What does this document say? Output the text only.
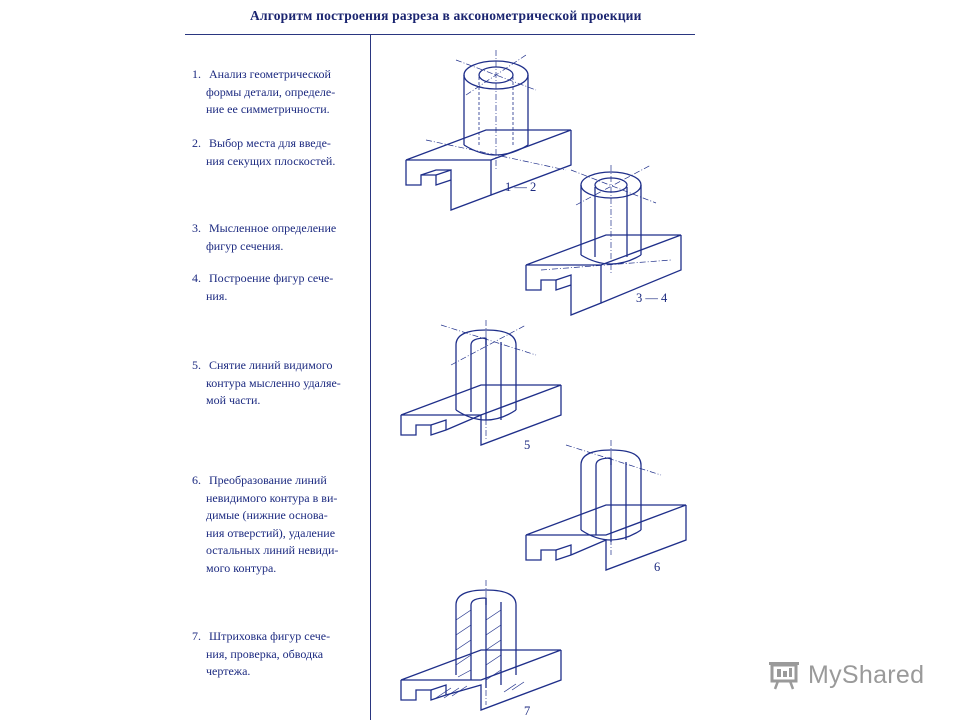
Алгоритм построения разреза в аксонометрической проекции
1. Анализ геометрической
формы детали, определе-
ние ее симметричности.
2. Выбор места для введе-
ния секущих плоскостей.
3. Мысленное определение
фигур сечения.
4. Построение фигур сече-
ния.
5. Снятие линий видимого
контура мысленно удаляе-
мой части.
6. Преобразование линий
невидимого контура в ви-
димые (нижние основа-
ния отверстий), удаление
остальных линий невиди-
мого контура.
7. Штриховка фигур сече-
ния, проверка, обводка
чертежа.
1 — 2
3 — 4
5
6
7
MyShared
